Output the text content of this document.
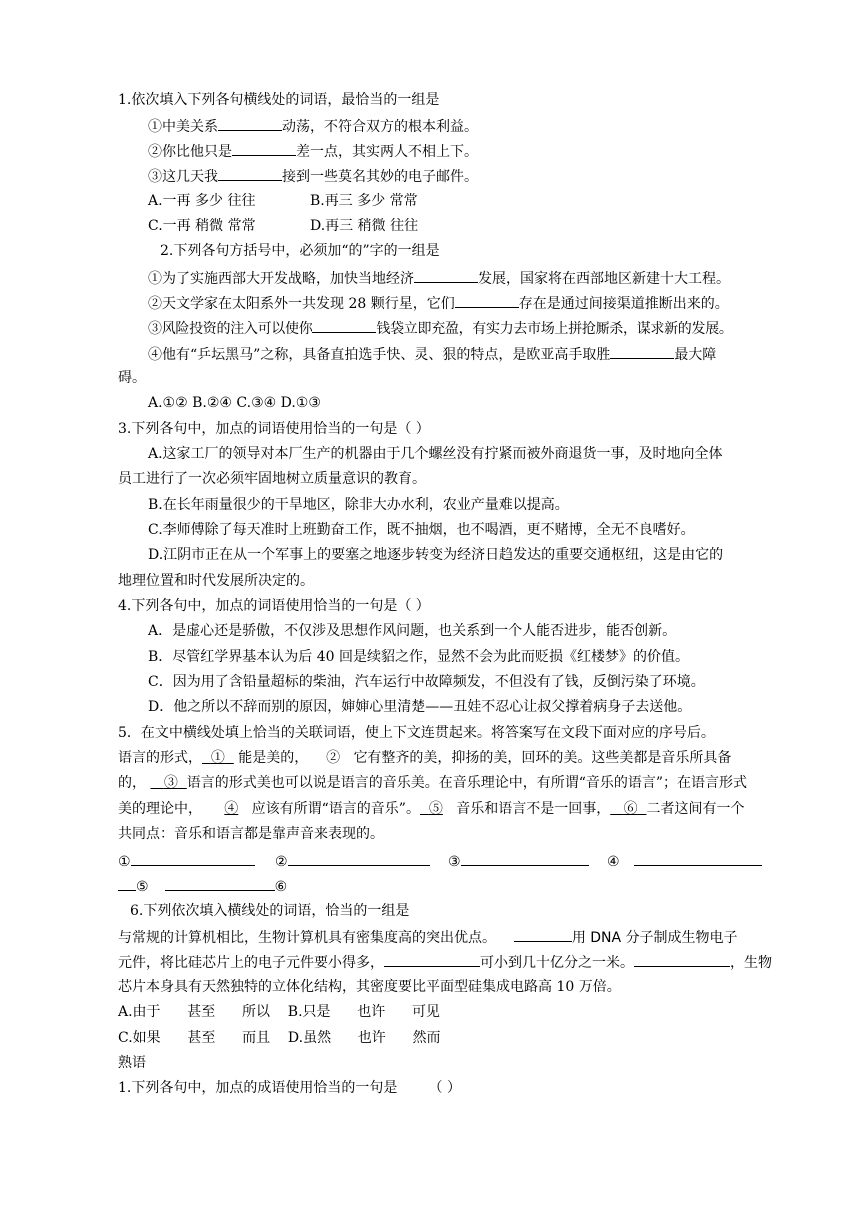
1.依次填入下列各句横线处的词语，最恰当的一组是
①中美关系	动荡，不符合双方的根本利益。
②你比他只是	差一点，其实两人不相上下。
③这几天我	接到一些莫名其妙的电子邮件。
A.一再 多少 往往	B.再三 多少 常常
C.一再 稍微 常常	D.再三 稍微 往往
2.下列各句方括号中，必须加“的”字的一组是
①为了实施西部大开发战略，加快当地经济	发展，国家将在西部地区新建十大工程。
②天文学家在太阳系外一共发现 28 颗行星，它们	存在是通过间接渠道推断出来的。
③风险投资的注入可以使你	钱袋立即充盈，有实力去市场上拼抢厮杀，谋求新的发展。
④他有“乒坛黑马”之称，具备直拍选手快、灵、狠的特点，是欧亚高手取胜	最大障
碍。
A.①② B.②④ C.③④ D.①③
3.下列各句中，加点的词语使用恰当的一句是（ ）
A.这家工厂的领导对本厂生产的机器由于几个螺丝没有拧紧而被外商退货一事，及时地向全体
员工进行了一次必须牢固地树立质量意识的教育。
B.在长年雨量很少的干旱地区，除非大办水利，农业产量难以提高。
C.李师傅除了每天准时上班勤奋工作，既不抽烟，也不喝酒，更不赌博，全无不良嗜好。
D.江阴市正在从一个军事上的要塞之地逐步转变为经济日趋发达的重要交通枢纽，这是由它的
地理位置和时代发展所决定的。
4.下列各句中，加点的词语使用恰当的一句是（ ）
A．是虚心还是骄傲，不仅涉及思想作风问题，也关系到一个人能否进步，能否创新。
B．尽管红学界基本认为后 40 回是续貂之作，显然不会为此而贬损《红楼梦》的价值。
C．因为用了含铅量超标的柴油，汽车运行中故障频发，不但没有了钱，反倒污染了环境。
D．他之所以不辞而别的原因，婶婶心里清楚——丑娃不忍心让叔父撑着病身子去送他。
5．在文中横线处填上恰当的关联词语，使上下文连贯起来。将答案写在文段下面对应的序号后。
语言的形式， ① 能是美的， ② 它有整齐的美，抑扬的美，回环的美。这些美都是音乐所具备
的， ③ 语言的形式美也可以说是语言的音乐美。在音乐理论中，有所谓“音乐的语言”；在语言形式
美的理论中， ④ 应该有所谓“语言的音乐”。 ⑤ 音乐和语言不是一回事， ⑥ 二者这间有一个
共同点：音乐和语言都是靠声音来表现的。
①	②	③	④
⑤	⑥
6.下列依次填入横线处的词语，恰当的一组是
与常规的计算机相比，生物计算机具有密集度高的突出优点。	用 DNA 分子制成生物电子
元件，将比硅芯片上的电子元件要小得多，	可小到几十亿分之一米。	，生物
芯片本身具有天然独特的立体化结构，其密度要比平面型硅集成电路高 10 万倍。
A.由于 甚至 所以 B.只是 也许 可见
C.如果 甚至 而且 D.虽然 也许 然而
熟语
1.下列各句中，加点的成语使用恰当的一句是 （ ）
